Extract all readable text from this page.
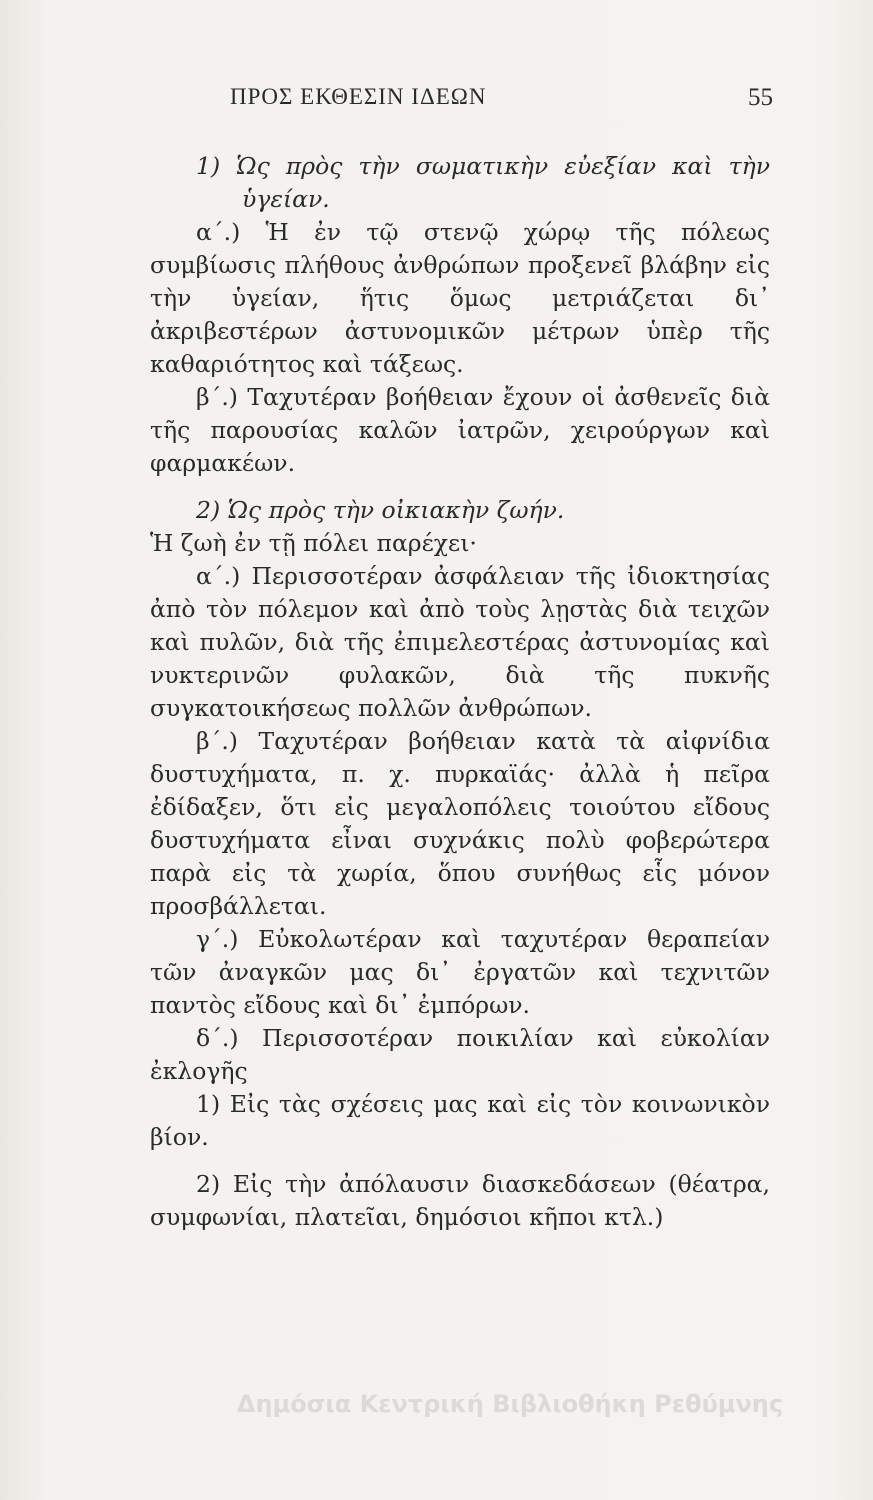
ΠΡΟΣ ΕΚΘΕΣΙΝ ΙΔΕΩΝ	55

1) Ὡς πρὸς τὴν σωματικὴν εὐεξίαν καὶ τὴν ὑγείαν.

α΄.) Ἡ ἐν τῷ στενῷ χώρῳ τῆς πόλεως συμβίωσις πλήθους ἀνθρώπων προξενεῖ βλάβην εἰς τὴν ὑγείαν, ἥτις ὅμως μετριάζεται δι᾽ ἀκριβεστέρων ἀστυνομικῶν μέτρων ὑπὲρ τῆς καθαριότητος καὶ τάξεως.

β΄.) Ταχυτέραν βοήθειαν ἔχουν οἱ ἀσθενεῖς διὰ τῆς παρουσίας καλῶν ἰατρῶν, χειρούργων καὶ φαρμακέων.

2) Ὡς πρὸς τὴν οἰκιακὴν ζωήν.

Ἡ ζωὴ ἐν τῇ πόλει παρέχει·

α΄.) Περισσοτέραν ἀσφάλειαν τῆς ἰδιοκτησίας ἀπὸ τὸν πόλεμον καὶ ἀπὸ τοὺς λῃστὰς διὰ τειχῶν καὶ πυλῶν, διὰ τῆς ἐπιμελεστέρας ἀστυνομίας καὶ νυκτερινῶν φυλακῶν, διὰ τῆς πυκνῆς συγκατοικήσεως πολλῶν ἀνθρώπων.

β΄.) Ταχυτέραν βοήθειαν κατὰ τὰ αἰφνίδια δυστυχήματα, π. χ. πυρκαϊάς· ἀλλὰ ἡ πεῖρα ἐδίδαξεν, ὅτι εἰς μεγαλοπόλεις τοιούτου εἴδους δυστυχήματα εἶναι συχνάκις πολὺ φοβερώτερα παρὰ εἰς τὰ χωρία, ὅπου συνήθως εἷς μόνον προσβάλλεται.

γ΄.) Εὐκολωτέραν καὶ ταχυτέραν θεραπείαν τῶν ἀναγκῶν μας δι᾽ ἐργατῶν καὶ τεχνιτῶν παντὸς εἴδους καὶ δι᾽ ἐμπόρων.

δ΄.) Περισσοτέραν ποικιλίαν καὶ εὐκολίαν ἐκλογῆς

1) Εἰς τὰς σχέσεις μας καὶ εἰς τὸν κοινωνικὸν βίον.

2) Εἰς τὴν ἀπόλαυσιν διασκεδάσεων (θέατρα, συμφωνίαι, πλατεῖαι, δημόσιοι κῆποι κτλ.)

Δημόσια Κεντρική Βιβλιοθήκη Ρεθύμνης
